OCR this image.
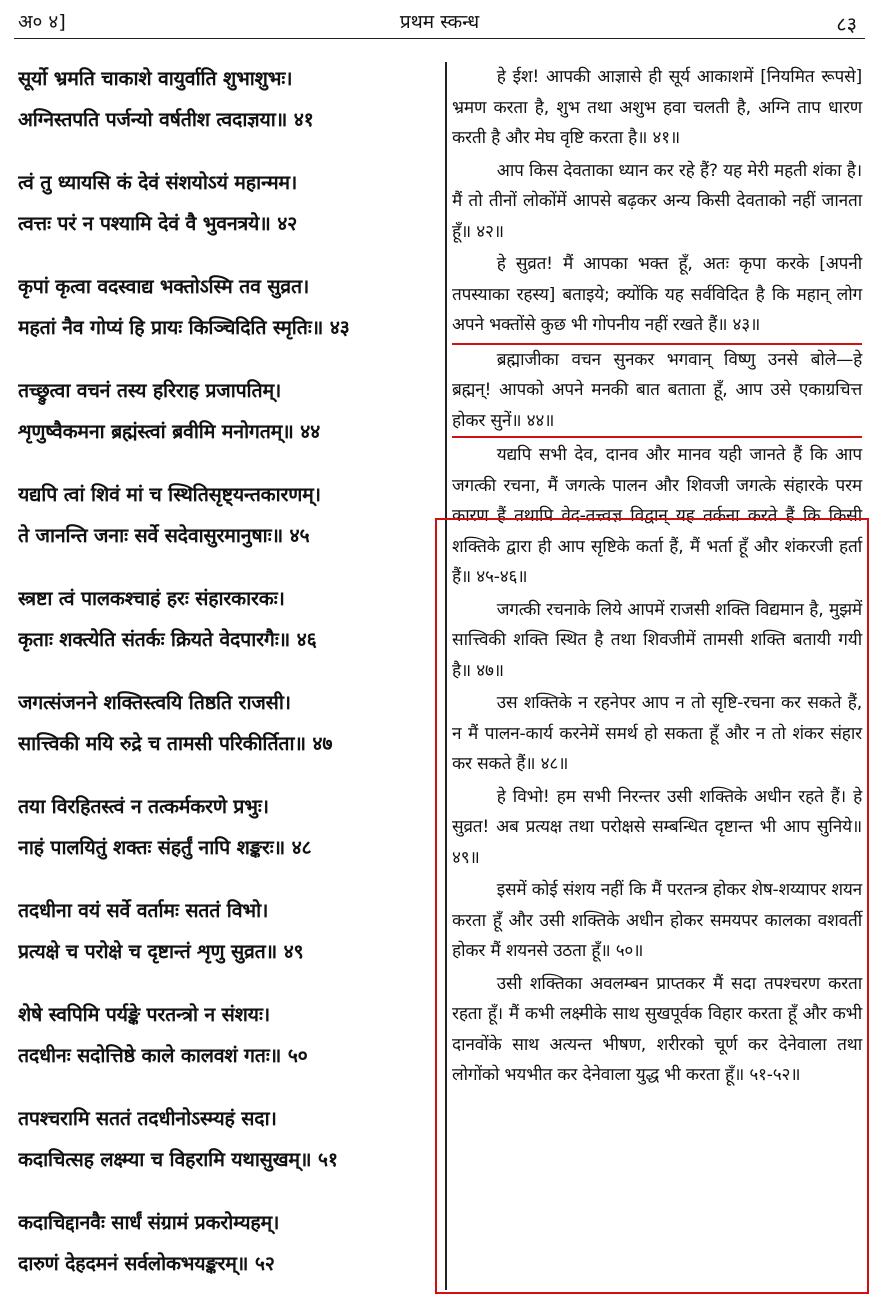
अ० ४]	प्रथम स्कन्ध	८३
सूर्यो भ्रमति चाकाशे वायुर्वाति शुभाशुभः।
अग्निस्तपति पर्जन्यो वर्षतीश त्वदाज्ञया॥ ४१
त्वं तु ध्यायसि कं देवं संशयोऽयं महान्मम।
त्वत्तः परं न पश्यामि देवं वै भुवनत्रये॥ ४२
कृपां कृत्वा वदस्वाद्य भक्तोऽस्मि तव सुव्रत।
महतां नैव गोप्यं हि प्रायः किञ्चिदिति स्मृतिः॥ ४३
तच्छ्रुत्वा वचनं तस्य हरिराह प्रजापतिम्।
शृणुष्वैकमना ब्रह्मंस्त्वां ब्रवीमि मनोगतम्॥ ४४
यद्यपि त्वां शिवं मां च स्थितिसृष्ट्यन्तकारणम्।
ते जानन्ति जनाः सर्वे सदेवासुरमानुषाः॥ ४५
स्त्रष्टा त्वं पालकश्चाहं हरः संहारकारकः।
कृताः शक्त्येति संतर्कः क्रियते वेदपारगैः॥ ४६
जगत्संजनने शक्तिस्त्वयि तिष्ठति राजसी।
सात्त्विकी मयि रुद्रे च तामसी परिकीर्तिता॥ ४७
तया विरहितस्त्वं न तत्कर्मकरणे प्रभुः।
नाहं पालयितुं शक्तः संहर्तुं नापि शङ्करः॥ ४८
तदधीना वयं सर्वे वर्तामः सततं विभो।
प्रत्यक्षे च परोक्षे च दृष्टान्तं शृणु सुव्रत॥ ४९
शेषे स्वपिमि पर्यङ्के परतन्त्रो न संशयः।
तदधीनः सदोत्तिष्ठे काले कालवशं गतः॥ ५०
तपश्चरामि सततं तदधीनोऽस्म्यहं सदा।
कदाचित्सह लक्ष्म्या च विहरामि यथासुखम्॥ ५१
कदाचिद्दानवैः सार्धं संग्रामं प्रकरोम्यहम्।
दारुणं देहदमनं सर्वलोकभयङ्करम्॥ ५२

हे ईश! आपकी आज्ञासे ही सूर्य आकाशमें [नियमित रूपसे] भ्रमण करता है, शुभ तथा अशुभ हवा चलती है, अग्नि ताप धारण करती है और मेघ वृष्टि करता है॥ ४१॥

आप किस देवताका ध्यान कर रहे हैं? यह मेरी महती शंका है। मैं तो तीनों लोकोंमें आपसे बढ़कर अन्य किसी देवताको नहीं जानता हूँ॥ ४२॥

हे सुव्रत! मैं आपका भक्त हूँ, अतः कृपा करके [अपनी तपस्याका रहस्य] बताइये; क्योंकि यह सर्वविदित है कि महान् लोग अपने भक्तोंसे कुछ भी गोपनीय नहीं रखते हैं॥ ४३॥

ब्रह्माजीका वचन सुनकर भगवान् विष्णु उनसे बोले—हे ब्रह्मन्! आपको अपने मनकी बात बताता हूँ, आप उसे एकाग्रचित्त होकर सुनें॥ ४४॥

यद्यपि सभी देव, दानव और मानव यही जानते हैं कि आप जगत्की रचना, मैं जगत्के पालन और शिवजी जगत्के संहारके परम कारण हैं तथापि वेद-तत्त्वज्ञ विद्वान् यह तर्कना करते हैं कि किसी शक्तिके द्वारा ही आप सृष्टिके कर्ता हैं, मैं भर्ता हूँ और शंकरजी हर्ता हैं॥ ४५-४६॥

जगत्की रचनाके लिये आपमें राजसी शक्ति विद्यमान है, मुझमें सात्त्विकी शक्ति स्थित है तथा शिवजीमें तामसी शक्ति बतायी गयी है॥ ४७॥

उस शक्तिके न रहनेपर आप न तो सृष्टि-रचना कर सकते हैं, न मैं पालन-कार्य करनेमें समर्थ हो सकता हूँ और न तो शंकर संहार कर सकते हैं॥ ४८॥

हे विभो! हम सभी निरन्तर उसी शक्तिके अधीन रहते हैं। हे सुव्रत! अब प्रत्यक्ष तथा परोक्षसे सम्बन्धित दृष्टान्त भी आप सुनिये॥ ४९॥

इसमें कोई संशय नहीं कि मैं परतन्त्र होकर शेष-शय्यापर शयन करता हूँ और उसी शक्तिके अधीन होकर समयपर कालका वशवर्ती होकर मैं शयनसे उठता हूँ॥ ५०॥

उसी शक्तिका अवलम्बन प्राप्तकर मैं सदा तपश्चरण करता रहता हूँ। मैं कभी लक्ष्मीके साथ सुखपूर्वक विहार करता हूँ और कभी दानवोंके साथ अत्यन्त भीषण, शरीरको चूर्ण कर देनेवाला तथा लोगोंको भयभीत कर देनेवाला युद्ध भी करता हूँ॥ ५१-५२॥
